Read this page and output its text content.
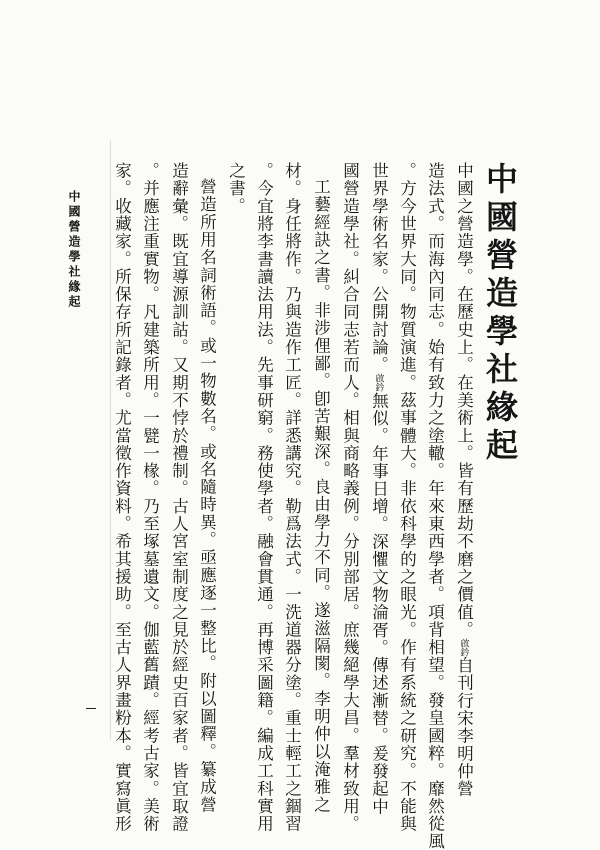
中國營造學社緣起
中國之營造學。在歷史上。在美術上。皆有歷劫不磨之價值。啟鈐自刊行宋李明仲營
造法式。而海內同志。始有致力之塗轍。年來東西學者。項背相望。發皇國粹。靡然從風
。方今世界大同。物質演進。茲事體大。非依科學的之眼光。作有系統之研究。不能與
世界學術名家。公開討論。啟鈐無似。年事日增。深懼文物淪胥。傳述漸替。爰發起中
國營造學社。糾合同志若而人。相與商略義例。分別部居。庶幾絕學大昌。羣材致用。
工藝經訣之書。非涉俚鄙。卽苦艱深。良由學力不同。遂滋隔閡。李明仲以淹雅之
材。身任將作。乃與造作工匠。詳悉講究。勒爲法式。一洗道器分塗。重士輕工之錮習
。今宜將李書讀法用法。先事研窮。務使學者。融會貫通。再博采圖籍。編成工科實用
之書。
營造所用名詞術語。或一物數名。或名隨時異。亟應逐一整比。附以圖釋。纂成營
造辭彙。既宜導源訓詁。又期不悖於禮制。古人宮室制度之見於經史百家者。皆宜取證
。并應注重實物。凡建築所用。一甓一椽。乃至塚墓遺文。伽藍舊蹟。經考古家。美術
家。收藏家。所保存所記錄者。尤當徵作資料。希其援助。至古人界畫粉本。實寫眞形
中國營造學社緣起
